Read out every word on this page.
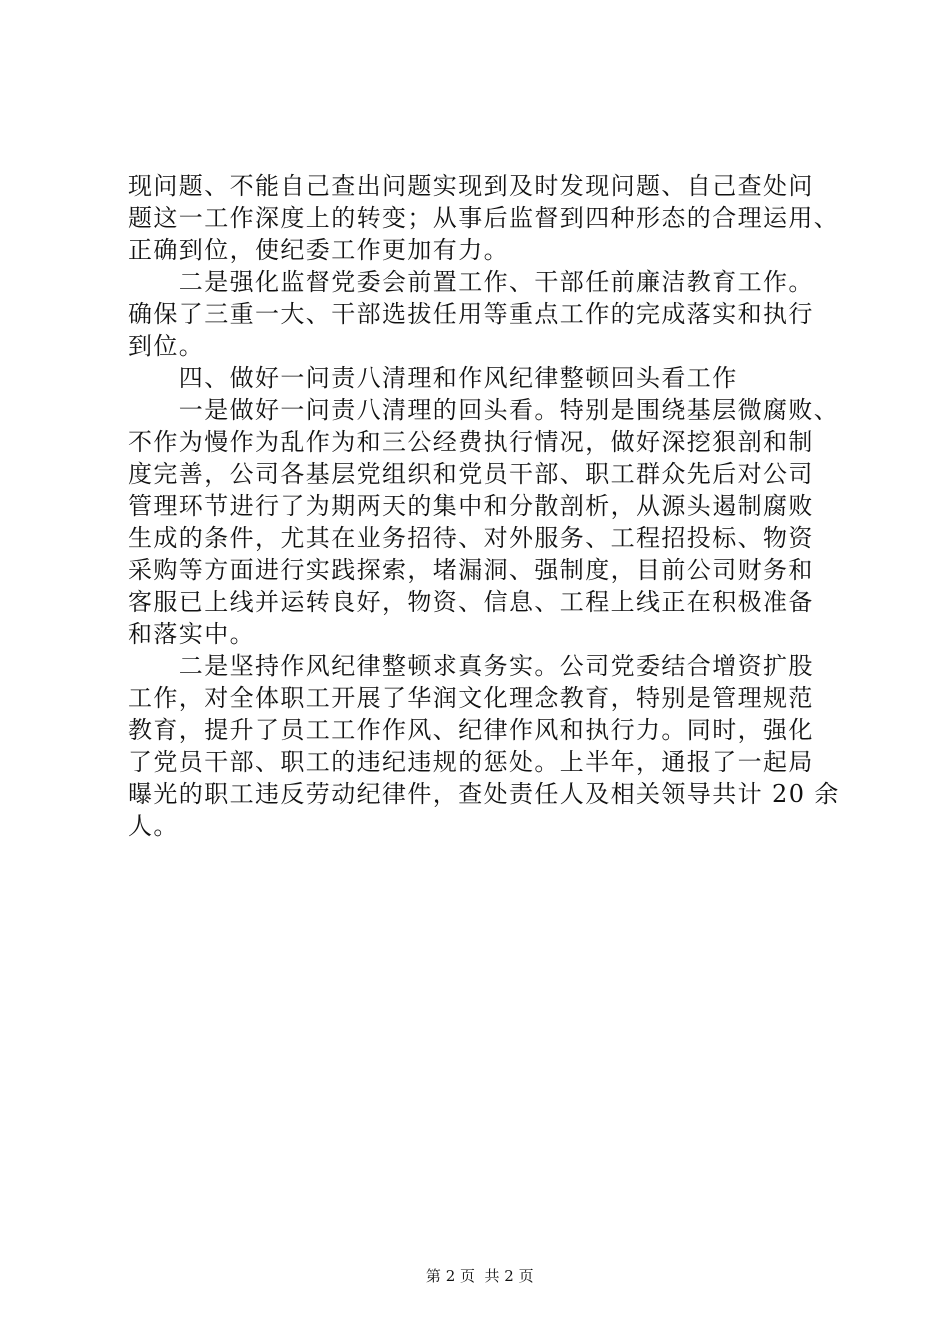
现问题、不能自己查出问题实现到及时发现问题、自己查处问
题这一工作深度上的转变；从事后监督到四种形态的合理运用、
正确到位，使纪委工作更加有力。
　　二是强化监督党委会前置工作、干部任前廉洁教育工作。
确保了三重一大、干部选拔任用等重点工作的完成落实和执行
到位。
　　四、做好一问责八清理和作风纪律整顿回头看工作
　　一是做好一问责八清理的回头看。特别是围绕基层微腐败、
不作为慢作为乱作为和三公经费执行情况，做好深挖狠剖和制
度完善，公司各基层党组织和党员干部、职工群众先后对公司
管理环节进行了为期两天的集中和分散剖析，从源头遏制腐败
生成的条件，尤其在业务招待、对外服务、工程招投标、物资
采购等方面进行实践探索，堵漏洞、强制度，目前公司财务和
客服已上线并运转良好，物资、信息、工程上线正在积极准备
和落实中。
　　二是坚持作风纪律整顿求真务实。公司党委结合增资扩股
工作，对全体职工开展了华润文化理念教育，特别是管理规范
教育，提升了员工工作作风、纪律作风和执行力。同时，强化
了党员干部、职工的违纪违规的惩处。上半年，通报了一起局
曝光的职工违反劳动纪律件，查处责任人及相关领导共计 20 余
人。

第 2 页  共 2 页
